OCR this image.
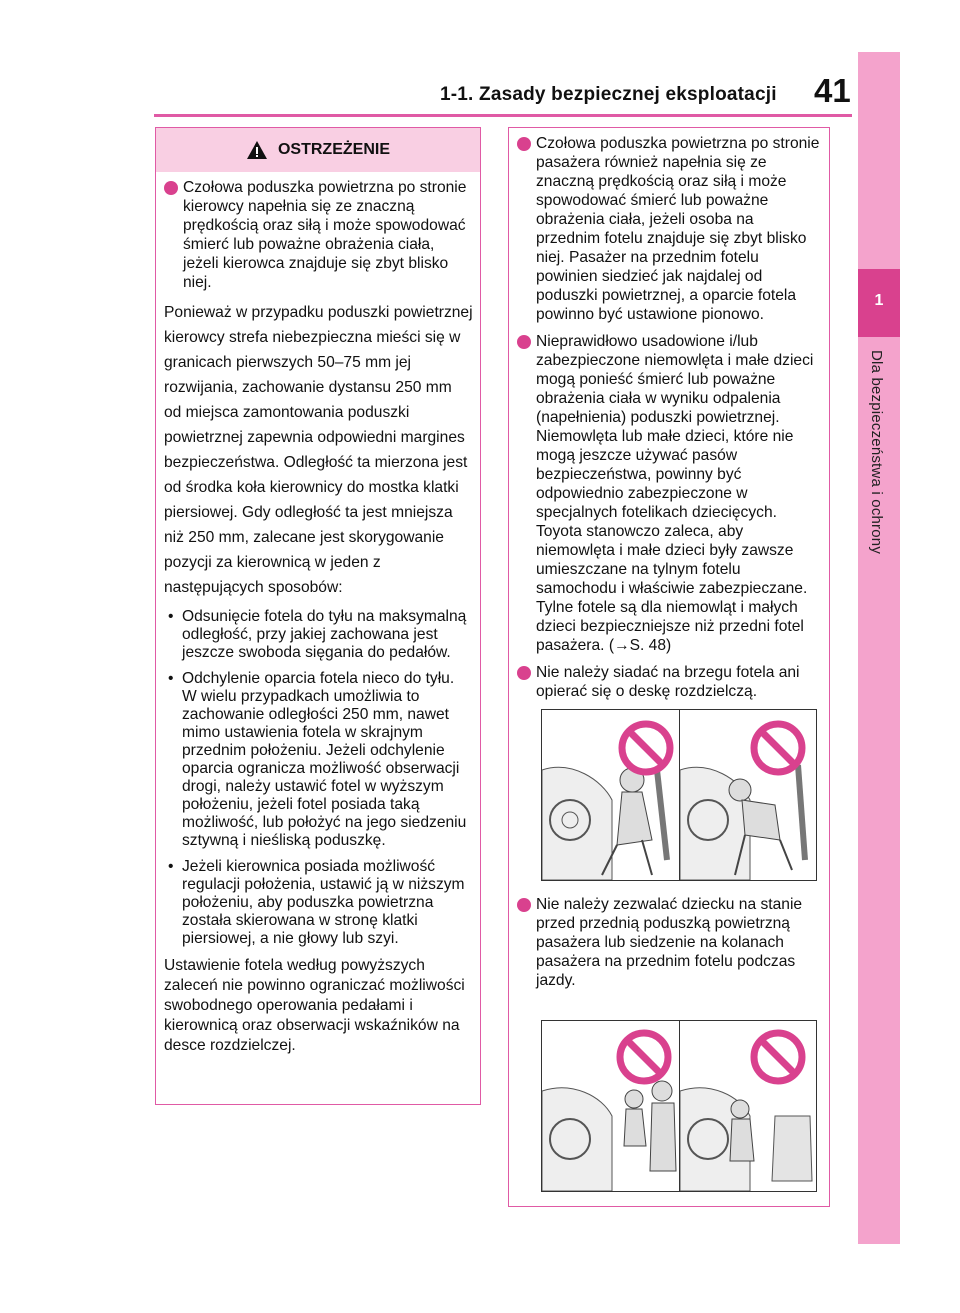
1
Dla bezpieczeństwa i ochrony
1-1. Zasady bezpiecznej eksploatacji 41
OSTRZEŻENIE
Czołowa poduszka powietrzna po stronie kierowcy napełnia się ze znaczną prędkością oraz siłą i może spowodować śmierć lub poważne obrażenia ciała, jeżeli kierowca znajduje się zbyt blisko niej.

Ponieważ w przypadku poduszki powietrznej kierowcy strefa niebezpieczna mieści się w granicach pierwszych 50–75 mm jej rozwijania, zachowanie dystansu 250 mm od miejsca zamontowania poduszki powietrznej zapewnia odpowiedni margines bezpieczeństwa. Odległość ta mierzona jest od środka koła kierownicy do mostka klatki piersiowej. Gdy odległość ta jest mniejsza niż 250 mm, zalecane jest skorygowanie pozycji za kierownicą w jeden z następujących sposobów:

• Odsunięcie fotela do tyłu na maksymalną odległość, przy jakiej zachowana jest jeszcze swoboda sięgania do pedałów.
• Odchylenie oparcia fotela nieco do tyłu. W wielu przypadkach umożliwia to zachowanie odległości 250 mm, nawet mimo ustawienia fotela w skrajnym przednim położeniu. Jeżeli odchylenie oparcia ogranicza możliwość obserwacji drogi, należy ustawić fotel w wyższym położeniu, jeżeli fotel posiada taką możliwość, lub położyć na jego siedzeniu sztywną i nieśliską poduszkę.
• Jeżeli kierownica posiada możliwość regulacji położenia, ustawić ją w niższym położeniu, aby poduszka powietrzna została skierowana w stronę klatki piersiowej, a nie głowy lub szyi.

Ustawienie fotela według powyższych zaleceń nie powinno ograniczać możliwości swobodnego operowania pedałami i kierownicą oraz obserwacji wskaźników na desce rozdzielczej.

Czołowa poduszka powietrzna po stronie pasażera również napełnia się ze znaczną prędkością oraz siłą i może spowodować śmierć lub poważne obrażenia ciała, jeżeli osoba na przednim fotelu znajduje się zbyt blisko niej. Pasażer na przednim fotelu powinien siedzieć jak najdalej od poduszki powietrznej, a oparcie fotela powinno być ustawione pionowo.
Nieprawidłowo usadowione i/lub zabezpieczone niemowlęta i małe dzieci mogą ponieść śmierć lub poważne obrażenia ciała w wyniku odpalenia (napełnienia) poduszki powietrznej. Niemowlęta lub małe dzieci, które nie mogą jeszcze używać pasów bezpieczeństwa, powinny być odpowiednio zabezpieczone w specjalnych fotelikach dziecięcych. Toyota stanowczo zaleca, aby niemowlęta i małe dzieci były zawsze umieszczane na tylnym fotelu samochodu i właściwie zabezpieczane. Tylne fotele są dla niemowląt i małych dzieci bezpieczniejsze niż przedni fotel pasażera. (→S. 48)
Nie należy siadać na brzegu fotela ani opierać się o deskę rozdzielczą.
Nie należy zezwalać dziecku na stanie przed przednią poduszką powietrzną pasażera lub siedzenie na kolanach pasażera na przednim fotelu podczas jazdy.
